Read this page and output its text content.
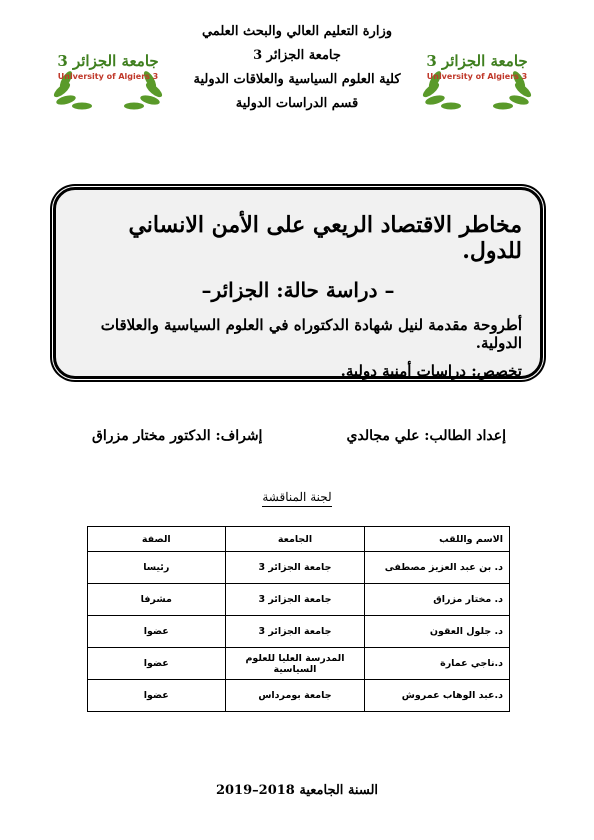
جامعة الجزائر 3
University of Algiers 3
جامعة الجزائر 3
University of Algiers 3
وزارة التعليم العالي والبحث العلمي
جامعة الجزائر 3
كلية العلوم السياسية والعلاقات الدولية
قسم الدراسات الدولية
مخاطر الاقتصاد الريعي على الأمن الانساني للدول.
– دراسة حالة: الجزائر–
أطروحة مقدمة لنيل شهادة الدكتوراه في العلوم السياسية والعلاقات الدولية.
تخصص: دراسات أمنية دولية.
إعداد الطالب: علي مجالدي
إشراف: الدكتور مختار مزراق
لجنة المناقشة
الاسم واللقب	الجامعة	الصفة
د. بن عبد العزيز مصطفى	جامعة الجزائر 3	رئيسا
د. مختار مزراق	جامعة الجزائر 3	مشرفا
د. جلول العقون	جامعة الجزائر 3	عضوا
د.ناجي عمارة	المدرسة العليا للعلوم السياسية	عضوا
د.عبد الوهاب عمروش	جامعة بومرداس	عضوا
السنة الجامعية 2018–2019
